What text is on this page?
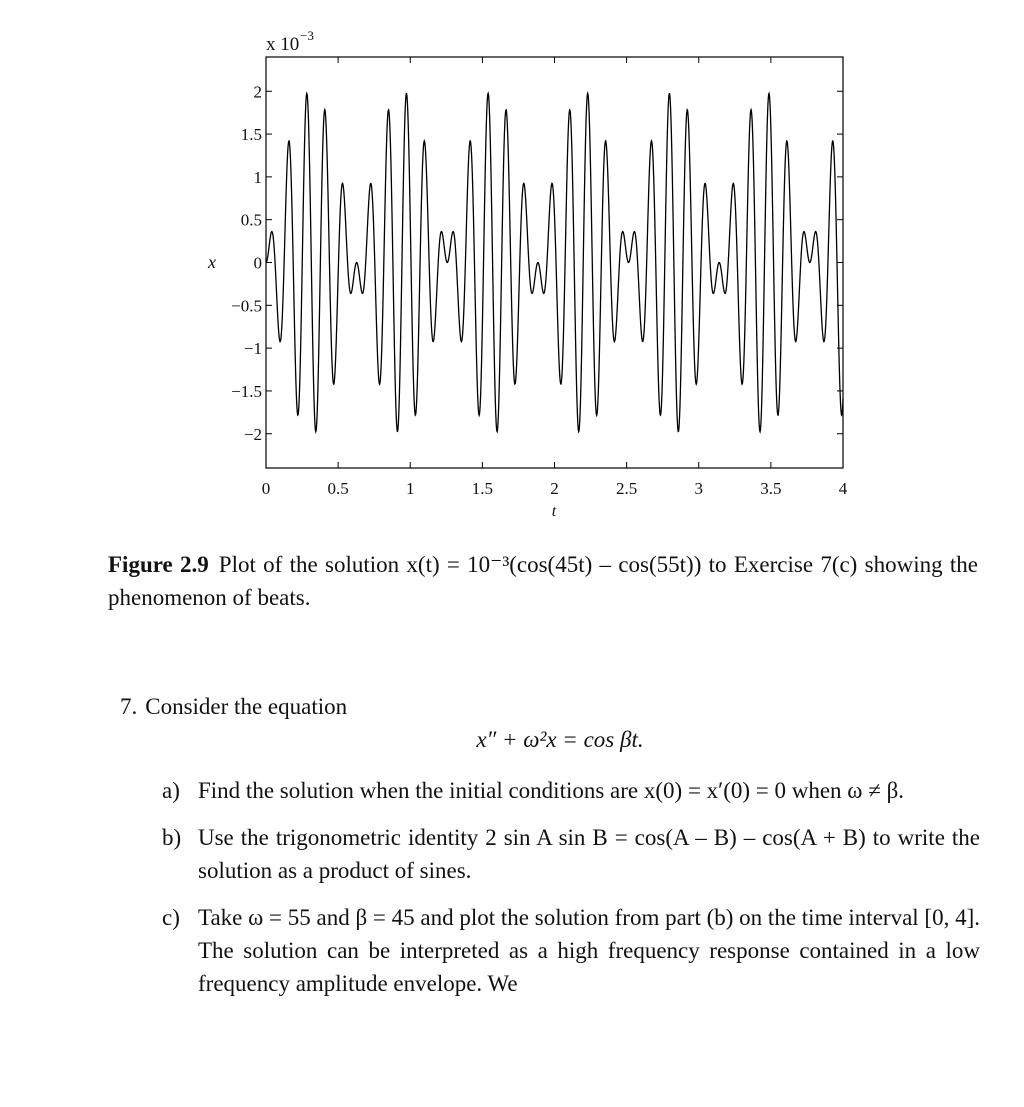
0	0.5	1	1.5	2	2.5	3	3.5	4
2
1.5
1
0.5
0
−0.5
−1
−1.5
−2
t
x
x 10 −3
Figure 2.9 Plot of the solution x(t) = 10⁻³(cos(45t) – cos(55t)) to Exercise 7(c) showing the phenomenon of beats.

7. Consider the equation

x″ + ω²x = cos βt.

a) Find the solution when the initial conditions are x(0) = x′(0) = 0 when ω ≠ β.
b) Use the trigonometric identity 2 sin A sin B = cos(A – B) – cos(A + B) to write the solution as a product of sines.
c) Take ω = 55 and β = 45 and plot the solution from part (b) on the time interval [0, 4]. The solution can be interpreted as a high frequency response contained in a low frequency amplitude envelope. We
